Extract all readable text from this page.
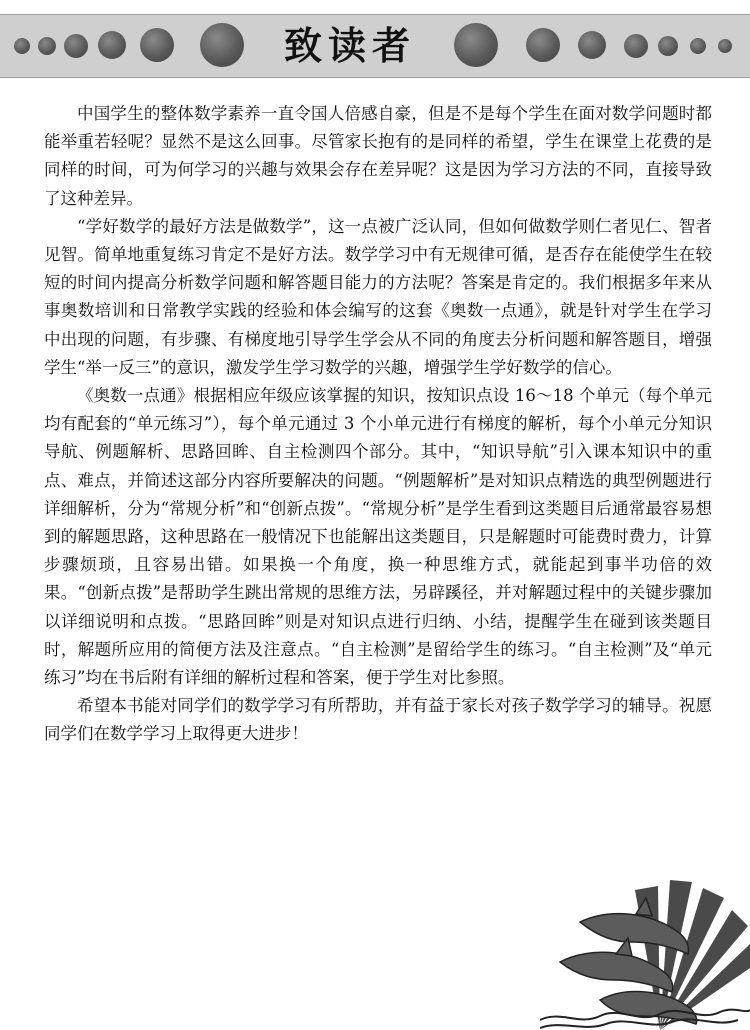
致读者

中国学生的整体数学素养一直令国人倍感自豪，但是不是每个学生在面对数学问题时都能举重若轻呢？显然不是这么回事。尽管家长抱有的是同样的希望，学生在课堂上花费的是同样的时间，可为何学习的兴趣与效果会存在差异呢？这是因为学习方法的不同，直接导致了这种差异。

“学好数学的最好方法是做数学”，这一点被广泛认同，但如何做数学则仁者见仁、智者见智。简单地重复练习肯定不是好方法。数学学习中有无规律可循，是否存在能使学生在较短的时间内提高分析数学问题和解答题目能力的方法呢？答案是肯定的。我们根据多年来从事奥数培训和日常教学实践的经验和体会编写的这套《奥数一点通》，就是针对学生在学习中出现的问题，有步骤、有梯度地引导学生学会从不同的角度去分析问题和解答题目，增强学生“举一反三”的意识，激发学生学习数学的兴趣，增强学生学好数学的信心。

《奥数一点通》根据相应年级应该掌握的知识，按知识点设 16～18 个单元（每个单元均有配套的“单元练习”），每个单元通过 3 个小单元进行有梯度的解析，每个小单元分知识导航、例题解析、思路回眸、自主检测四个部分。其中，“知识导航”引入课本知识中的重点、难点，并简述这部分内容所要解决的问题。“例题解析”是对知识点精选的典型例题进行详细解析，分为“常规分析”和“创新点拨”。“常规分析”是学生看到这类题目后通常最容易想到的解题思路，这种思路在一般情况下也能解出这类题目，只是解题时可能费时费力，计算步骤烦琐，且容易出错。如果换一个角度，换一种思维方式，就能起到事半功倍的效果。“创新点拨”是帮助学生跳出常规的思维方法，另辟蹊径，并对解题过程中的关键步骤加以详细说明和点拨。“思路回眸”则是对知识点进行归纳、小结，提醒学生在碰到该类题目时，解题所应用的简便方法及注意点。“自主检测”是留给学生的练习。“自主检测”及“单元练习”均在书后附有详细的解析过程和答案，便于学生对比参照。

希望本书能对同学们的数学学习有所帮助，并有益于家长对孩子数学学习的辅导。祝愿同学们在数学学习上取得更大进步！
